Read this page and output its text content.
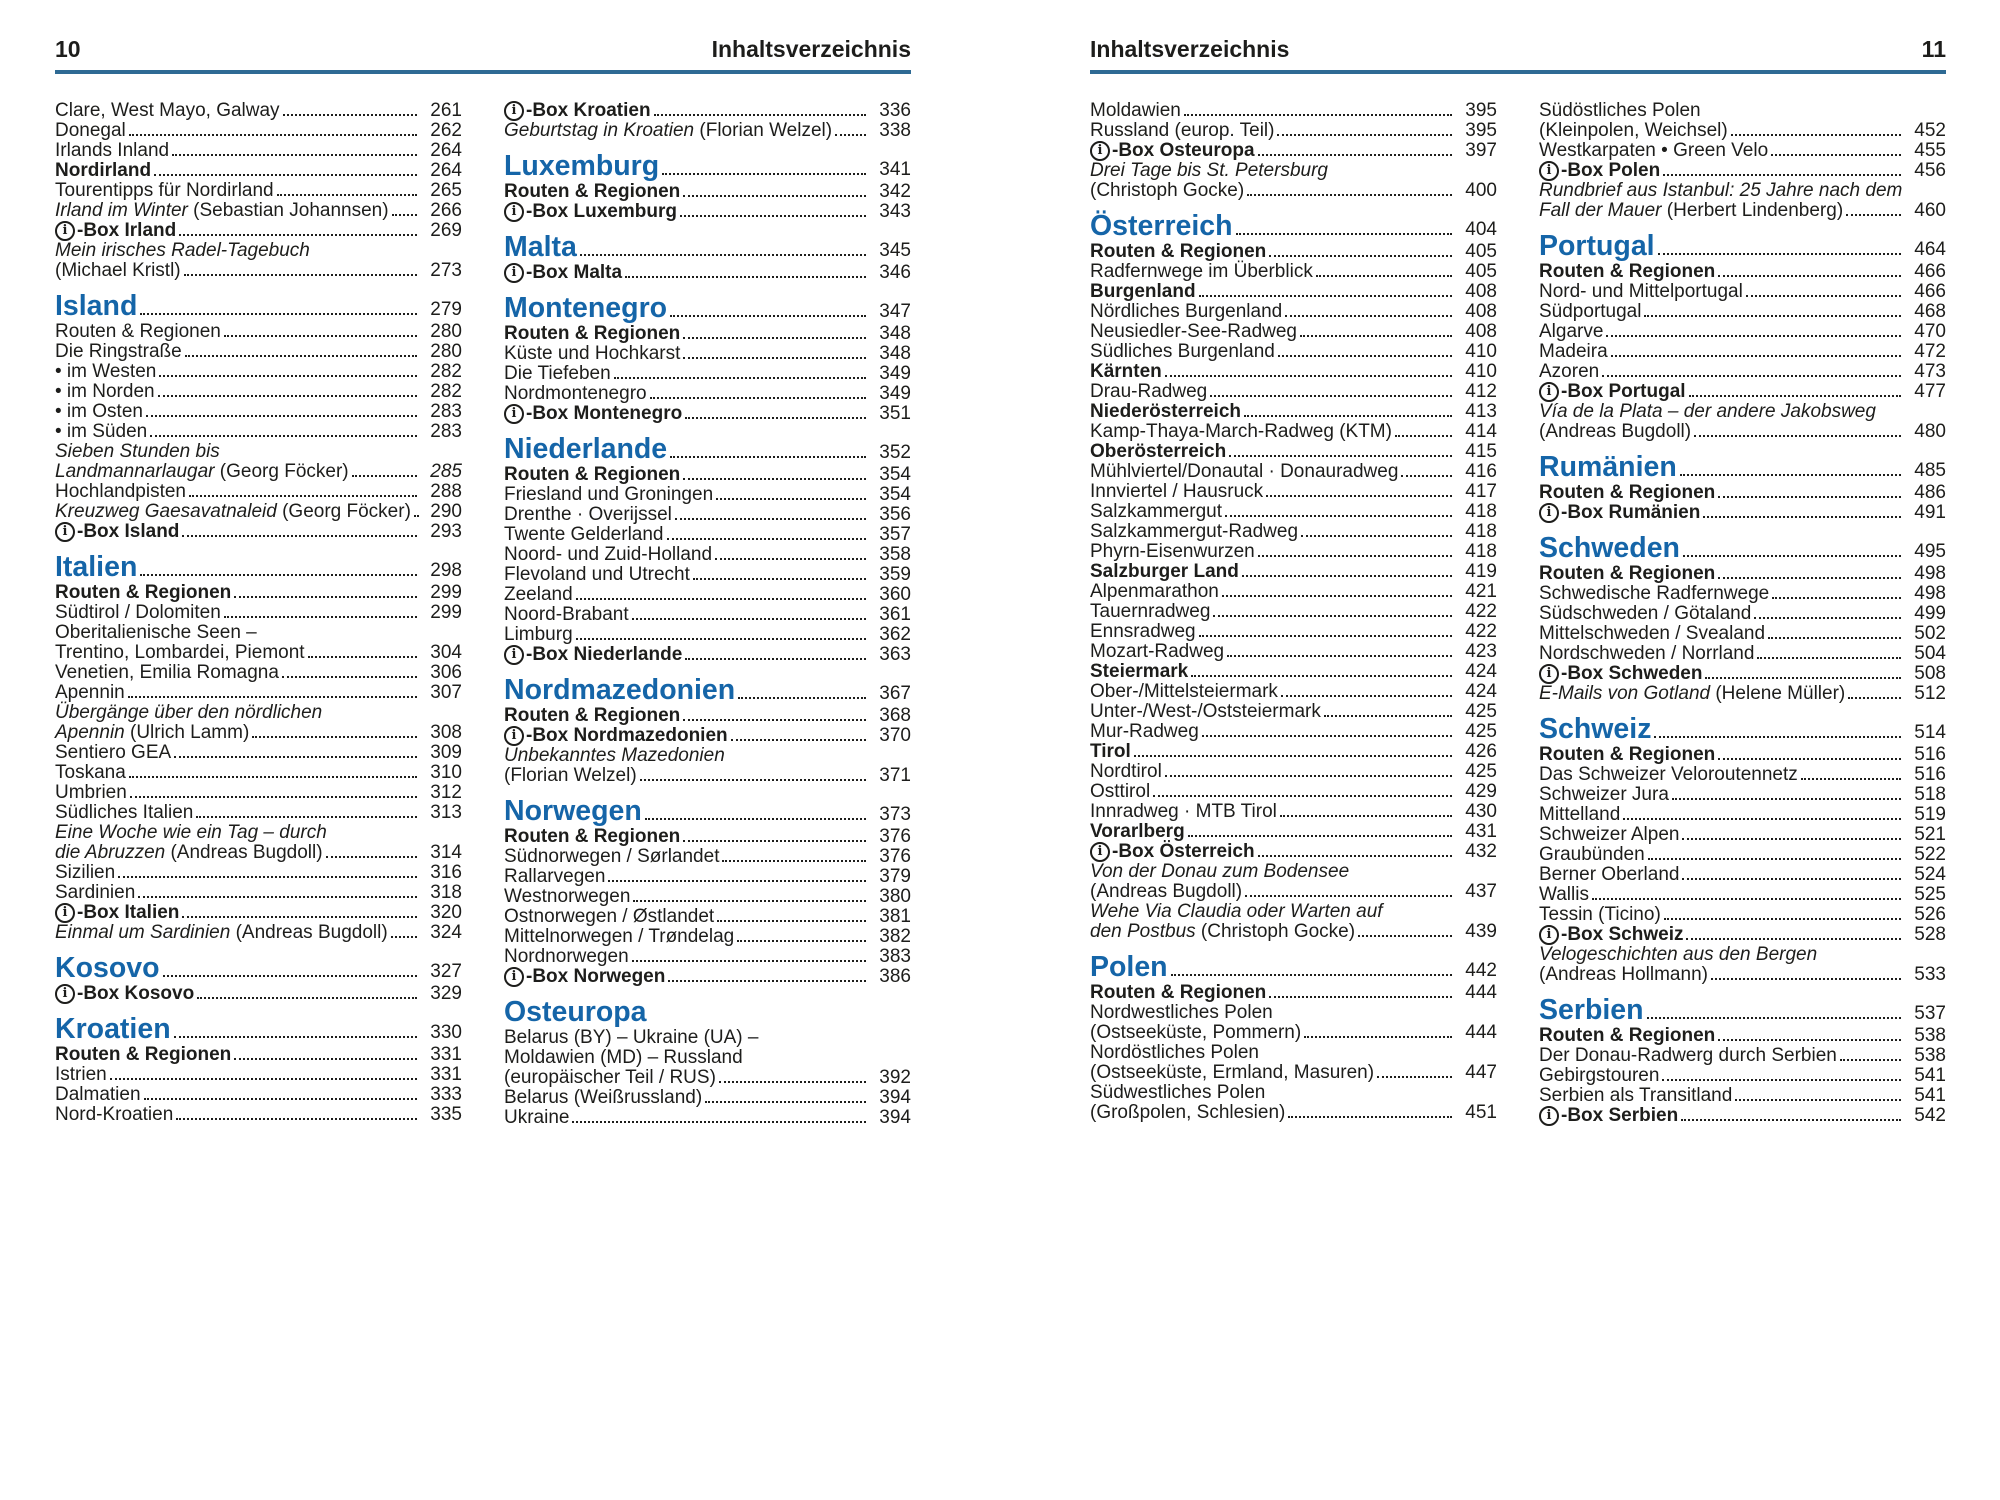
10	Inhaltsverzeichnis
Clare, West Mayo, Galway	261
Donegal	262
Irlands Inland	264
Nordirland	264
Tourentipps für Nordirland	265
Irland im Winter (Sebastian Johannsen)	266
i -Box Irland	269
Mein irisches Radel-Tagebuch
(Michael Kristl)	273
Island	279
Routen & Regionen	280
Die Ringstraße	280
• im Westen	282
• im Norden	282
• im Osten	283
• im Süden	283
Sieben Stunden bis
Landmannarlaugar (Georg Föcker)	285
Hochlandpisten	288
Kreuzweg Gaesavatnaleid (Georg Föcker)	290
i -Box Island	293
Italien	298
Routen & Regionen	299
Südtirol / Dolomiten	299
Oberitalienische Seen –
Trentino, Lombardei, Piemont	304
Venetien, Emilia Romagna	306
Apennin	307
Übergänge über den nördlichen
Apennin (Ulrich Lamm)	308
Sentiero GEA	309
Toskana	310
Umbrien	312
Südliches Italien	313
Eine Woche wie ein Tag – durch
die Abruzzen (Andreas Bugdoll)	314
Sizilien	316
Sardinien	318
i -Box Italien	320
Einmal um Sardinien (Andreas Bugdoll)	324
Kosovo	327
i -Box Kosovo	329
Kroatien	330
Routen & Regionen	331
Istrien	331
Dalmatien	333
Nord-Kroatien	335
i -Box Kroatien	336
Geburtstag in Kroatien (Florian Welzel)	338
Luxemburg	341
Routen & Regionen	342
i -Box Luxemburg	343
Malta	345
i -Box Malta	346
Montenegro	347
Routen & Regionen	348
Küste und Hochkarst	348
Die Tiefeben	349
Nordmontenegro	349
i -Box Montenegro	351
Niederlande	352
Routen & Regionen	354
Friesland und Groningen	354
Drenthe · Overijssel	356
Twente Gelderland	357
Noord- und Zuid-Holland	358
Flevoland und Utrecht	359
Zeeland	360
Noord-Brabant	361
Limburg	362
i -Box Niederlande	363
Nordmazedonien	367
Routen & Regionen	368
i -Box Nordmazedonien	370
Unbekanntes Mazedonien
(Florian Welzel)	371
Norwegen	373
Routen & Regionen	376
Südnorwegen / Sørlandet	376
Rallarvegen	379
Westnorwegen	380
Ostnorwegen / Østlandet	381
Mittelnorwegen / Trøndelag	382
Nordnorwegen	383
i -Box Norwegen	386
Osteuropa
Belarus (BY) – Ukraine (UA) –
Moldawien (MD) – Russland
(europäischer Teil / RUS)	392
Belarus (Weißrussland)	394
Ukraine	394
Inhaltsverzeichnis	11
Moldawien	395
Russland (europ. Teil)	395
i -Box Osteuropa	397
Drei Tage bis St. Petersburg
(Christoph Gocke)	400
Österreich	404
Routen & Regionen	405
Radfernwege im Überblick	405
Burgenland	408
Nördliches Burgenland	408
Neusiedler-See-Radweg	408
Südliches Burgenland	410
Kärnten	410
Drau-Radweg	412
Niederösterreich	413
Kamp-Thaya-March-Radweg (KTM)	414
Oberösterreich	415
Mühlviertel/Donautal · Donauradweg	416
Innviertel / Hausruck	417
Salzkammergut	418
Salzkammergut-Radweg	418
Phyrn-Eisenwurzen	418
Salzburger Land	419
Alpenmarathon	421
Tauernradweg	422
Ennsradweg	422
Mozart-Radweg	423
Steiermark	424
Ober-/Mittelsteiermark	424
Unter-/West-/Oststeiermark	425
Mur-Radweg	425
Tirol	426
Nordtirol	425
Osttirol	429
Innradweg · MTB Tirol	430
Vorarlberg	431
i -Box Österreich	432
Von der Donau zum Bodensee
(Andreas Bugdoll)	437
Wehe Via Claudia oder Warten auf
den Postbus (Christoph Gocke)	439
Polen	442
Routen & Regionen	444
Nordwestliches Polen
(Ostseeküste, Pommern)	444
Nordöstliches Polen
(Ostseeküste, Ermland, Masuren)	447
Südwestliches Polen
(Großpolen, Schlesien)	451
Südöstliches Polen
(Kleinpolen, Weichsel)	452
Westkarpaten • Green Velo	455
i -Box Polen	456
Rundbrief aus Istanbul: 25 Jahre nach dem
Fall der Mauer (Herbert Lindenberg)	460
Portugal	464
Routen & Regionen	466
Nord- und Mittelportugal	466
Südportugal	468
Algarve	470
Madeira	472
Azoren	473
i -Box Portugal	477
Vía de la Plata – der andere Jakobsweg
(Andreas Bugdoll)	480
Rumänien	485
Routen & Regionen	486
i -Box Rumänien	491
Schweden	495
Routen & Regionen	498
Schwedische Radfernwege	498
Südschweden / Götaland	499
Mittelschweden / Svealand	502
Nordschweden / Norrland	504
i -Box Schweden	508
E-Mails von Gotland (Helene Müller)	512
Schweiz	514
Routen & Regionen	516
Das Schweizer Veloroutennetz	516
Schweizer Jura	518
Mittelland	519
Schweizer Alpen	521
Graubünden	522
Berner Oberland	524
Wallis	525
Tessin (Ticino)	526
i -Box Schweiz	528
Velogeschichten aus den Bergen
(Andreas Hollmann)	533
Serbien	537
Routen & Regionen	538
Der Donau-Radwerg durch Serbien	538
Gebirgstouren	541
Serbien als Transitland	541
i -Box Serbien	542
